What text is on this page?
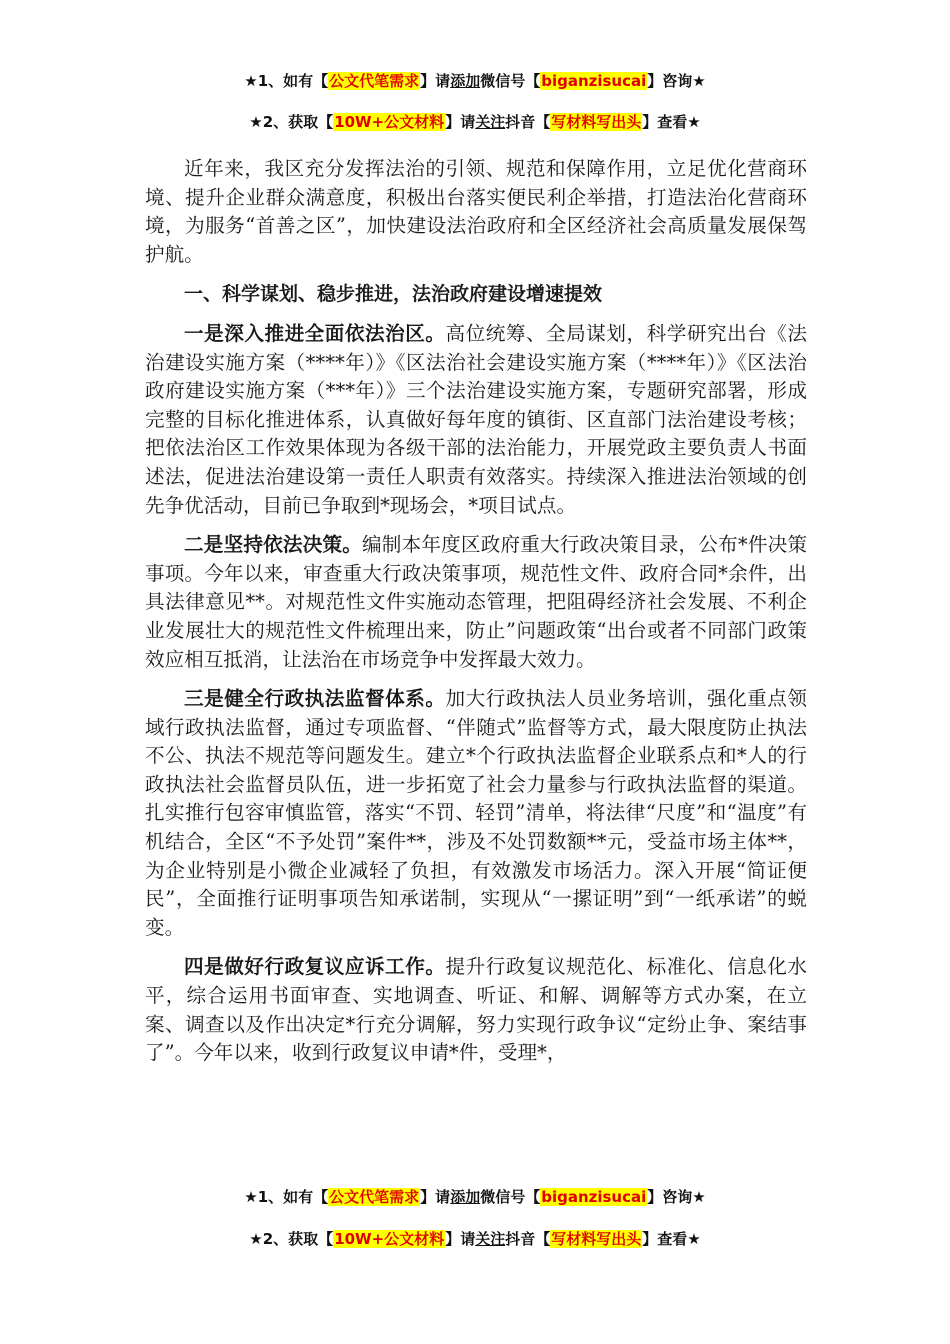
★1、如有【公文代笔需求】请添加微信号【biganzisucai】咨询★
★2、获取【10W+公文材料】请关注抖音【写材料写出头】查看★

近年来，我区充分发挥法治的引领、规范和保障作用，立足优化营商环境、提升企业群众满意度，积极出台落实便民利企举措，打造法治化营商环境，为服务“首善之区”，加快建设法治政府和全区经济社会高质量发展保驾护航。

一、科学谋划、稳步推进，法治政府建设增速提效

一是深入推进全面依法治区。高位统筹、全局谋划，科学研究出台《法治建设实施方案（****年）》《区法治社会建设实施方案（****年）》《区法治政府建设实施方案（***年）》三个法治建设实施方案，专题研究部署，形成完整的目标化推进体系，认真做好每年度的镇街、区直部门法治建设考核；把依法治区工作效果体现为各级干部的法治能力，开展党政主要负责人书面述法，促进法治建设第一责任人职责有效落实。持续深入推进法治领域的创先争优活动，目前已争取到*现场会，*项目试点。

二是坚持依法决策。编制本年度区政府重大行政决策目录，公布*件决策事项。今年以来，审查重大行政决策事项，规范性文件、政府合同*余件，出具法律意见**。对规范性文件实施动态管理，把阻碍经济社会发展、不利企业发展壮大的规范性文件梳理出来，防止”问题政策“出台或者不同部门政策效应相互抵消，让法治在市场竞争中发挥最大效力。

三是健全行政执法监督体系。加大行政执法人员业务培训，强化重点领域行政执法监督，通过专项监督、“伴随式”监督等方式，最大限度防止执法不公、执法不规范等问题发生。建立*个行政执法监督企业联系点和*人的行政执法社会监督员队伍，进一步拓宽了社会力量参与行政执法监督的渠道。扎实推行包容审慎监管，落实“不罚、轻罚”清单，将法律“尺度”和“温度”有机结合，全区“不予处罚”案件**，涉及不处罚数额**元，受益市场主体**，为企业特别是小微企业减轻了负担，有效激发市场活力。深入开展“简证便民”，全面推行证明事项告知承诺制，实现从“一摞证明”到“一纸承诺”的蜕变。

四是做好行政复议应诉工作。提升行政复议规范化、标准化、信息化水平，综合运用书面审查、实地调查、听证、和解、调解等方式办案，在立案、调查以及作出决定*行充分调解，努力实现行政争议“定纷止争、案结事了”。今年以来，收到行政复议申请*件，受理*，

★1、如有【公文代笔需求】请添加微信号【biganzisucai】咨询★
★2、获取【10W+公文材料】请关注抖音【写材料写出头】查看★
